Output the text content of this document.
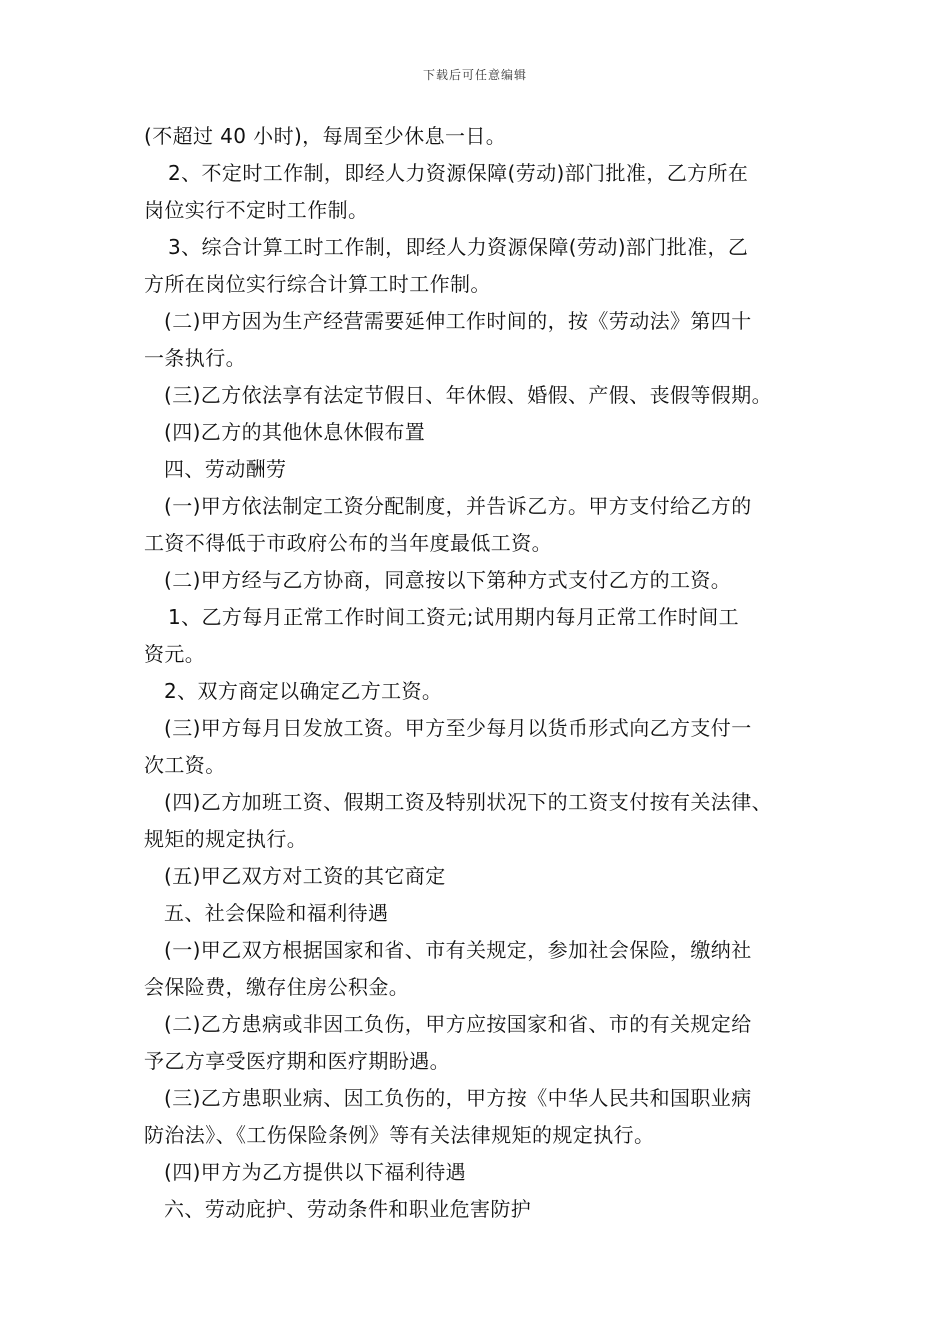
下载后可任意编辑
(不超过 40 小时)，每周至少休息一日。
2、不定时工作制，即经人力资源保障(劳动)部门批准，乙方所在
岗位实行不定时工作制。
3、综合计算工时工作制，即经人力资源保障(劳动)部门批准，乙
方所在岗位实行综合计算工时工作制。
(二)甲方因为生产经营需要延伸工作时间的，按《劳动法》第四十
一条执行。
(三)乙方依法享有法定节假日、年休假、婚假、产假、丧假等假期。
(四)乙方的其他休息休假布置
四、劳动酬劳
(一)甲方依法制定工资分配制度，并告诉乙方。甲方支付给乙方的
工资不得低于市政府公布的当年度最低工资。
(二)甲方经与乙方协商，同意按以下第种方式支付乙方的工资。
1、乙方每月正常工作时间工资元;试用期内每月正常工作时间工
资元。
2、双方商定以确定乙方工资。
(三)甲方每月日发放工资。甲方至少每月以货币形式向乙方支付一
次工资。
(四)乙方加班工资、假期工资及特别状况下的工资支付按有关法律、
规矩的规定执行。
(五)甲乙双方对工资的其它商定
五、社会保险和福利待遇
(一)甲乙双方根据国家和省、市有关规定，参加社会保险，缴纳社
会保险费，缴存住房公积金。
(二)乙方患病或非因工负伤，甲方应按国家和省、市的有关规定给
予乙方享受医疗期和医疗期盼遇。
(三)乙方患职业病、因工负伤的，甲方按《中华人民共和国职业病
防治法》、《工伤保险条例》等有关法律规矩的规定执行。
(四)甲方为乙方提供以下福利待遇
六、劳动庇护、劳动条件和职业危害防护
